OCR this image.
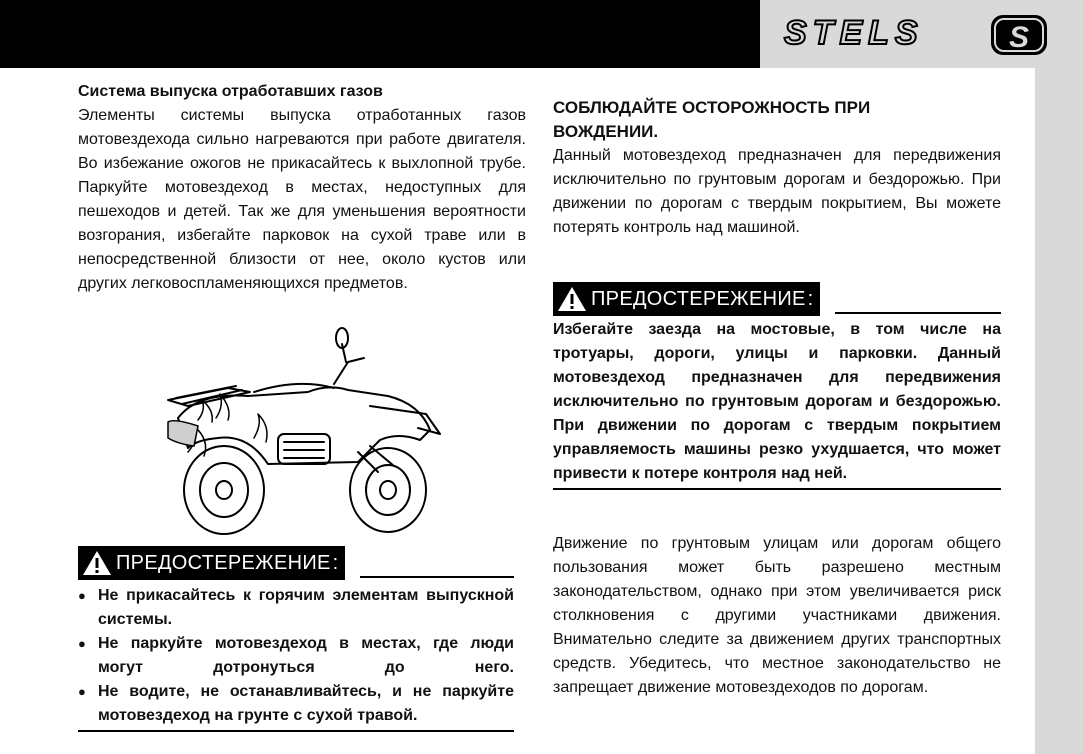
STELS	S

Система выпуска отработавших газов

Элементы системы выпуска отработанных газов мотовездехода сильно нагреваются при работе двигателя. Во избежание ожогов не прикасайтесь к выхлопной трубе. Паркуйте мотовездеход в местах, недоступных для пешеходов и детей. Так же для уменьшения вероятности возгорания, избегайте парковок на сухой траве или в непосредственной близости от нее, около кустов или других легковоспламеняющихся предметов.

ПРЕДОСТЕРЕЖЕНИЕ :
● Не прикасайтесь к горячим элементам выпускной системы.
● Не паркуйте мотовездеход в местах, где люди могут дотронуться до него.
● Не водите, не останавливайтесь, и не паркуйте мотовездеход на грунте с сухой травой.

СОБЛЮДАЙТЕ ОСТОРОЖНОСТЬ ПРИ

ВОЖДЕНИИ.

Данный мотовездеход предназначен для передвижения исключительно по грунтовым дорогам и бездорожью. При движении по дорогам с твердым покрытием, Вы можете потерять контроль над машиной.

ПРЕДОСТЕРЕЖЕНИЕ :

Избегайте заезда на мостовые, в том числе на тротуары, дороги, улицы и парковки. Данный мотовездеход предназначен для передвижения исключительно по грунтовым дорогам и бездорожью. При движении по дорогам с твердым покрытием управляемость машины резко ухудшается, что может привести к потере контроля над ней.

Движение по грунтовым улицам или дорогам общего пользования может быть разрешено местным законодательством, однако при этом увеличивается риск столкновения с другими участниками движения. Внимательно следите за движением других транспортных средств. Убедитесь, что местное законодательство не запрещает движение мотовездеходов по дорогам.
